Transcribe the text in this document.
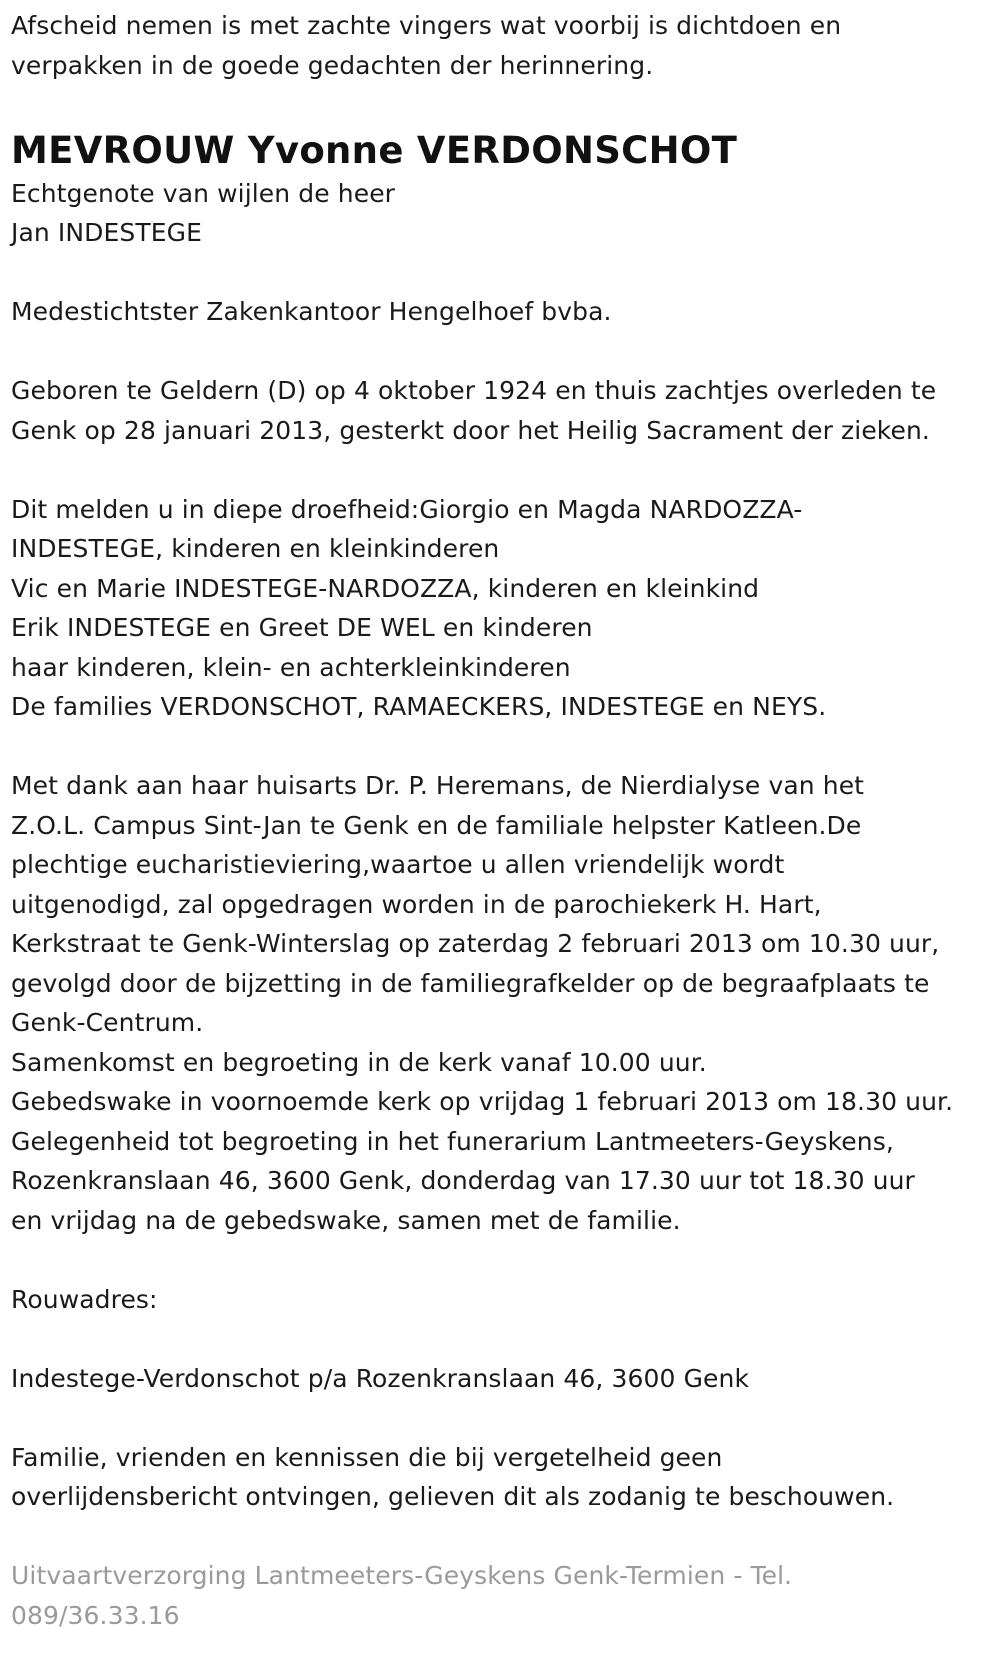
Afscheid nemen is met zachte vingers wat voorbij is dichtdoen en
verpakken in de goede gedachten der herinnering.
MEVROUW Yvonne VERDONSCHOT
Echtgenote van wijlen de heer
Jan INDESTEGE
Medestichtster Zakenkantoor Hengelhoef bvba.
Geboren te Geldern (D) op 4 oktober 1924 en thuis zachtjes overleden te
Genk op 28 januari 2013, gesterkt door het Heilig Sacrament der zieken.
Dit melden u in diepe droefheid:Giorgio en Magda NARDOZZA-
INDESTEGE, kinderen en kleinkinderen
Vic en Marie INDESTEGE-NARDOZZA, kinderen en kleinkind
Erik INDESTEGE en Greet DE WEL en kinderen
haar kinderen, klein- en achterkleinkinderen
De families VERDONSCHOT, RAMAECKERS, INDESTEGE en NEYS.
Met dank aan haar huisarts Dr. P. Heremans, de Nierdialyse van het
Z.O.L. Campus Sint-Jan te Genk en de familiale helpster Katleen.De
plechtige eucharistieviering,waartoe u allen vriendelijk wordt
uitgenodigd, zal opgedragen worden in de parochiekerk H. Hart,
Kerkstraat te Genk-Winterslag op zaterdag 2 februari 2013 om 10.30 uur,
gevolgd door de bijzetting in de familiegrafkelder op de begraafplaats te
Genk-Centrum.
Samenkomst en begroeting in de kerk vanaf 10.00 uur.
Gebedswake in voornoemde kerk op vrijdag 1 februari 2013 om 18.30 uur.
Gelegenheid tot begroeting in het funerarium Lantmeeters-Geyskens,
Rozenkranslaan 46, 3600 Genk, donderdag van 17.30 uur tot 18.30 uur
en vrijdag na de gebedswake, samen met de familie.
Rouwadres:
Indestege-Verdonschot p/a Rozenkranslaan 46, 3600 Genk
Familie, vrienden en kennissen die bij vergetelheid geen
overlijdensbericht ontvingen, gelieven dit als zodanig te beschouwen.
Uitvaartverzorging Lantmeeters-Geyskens Genk-Termien - Tel.
089/36.33.16
